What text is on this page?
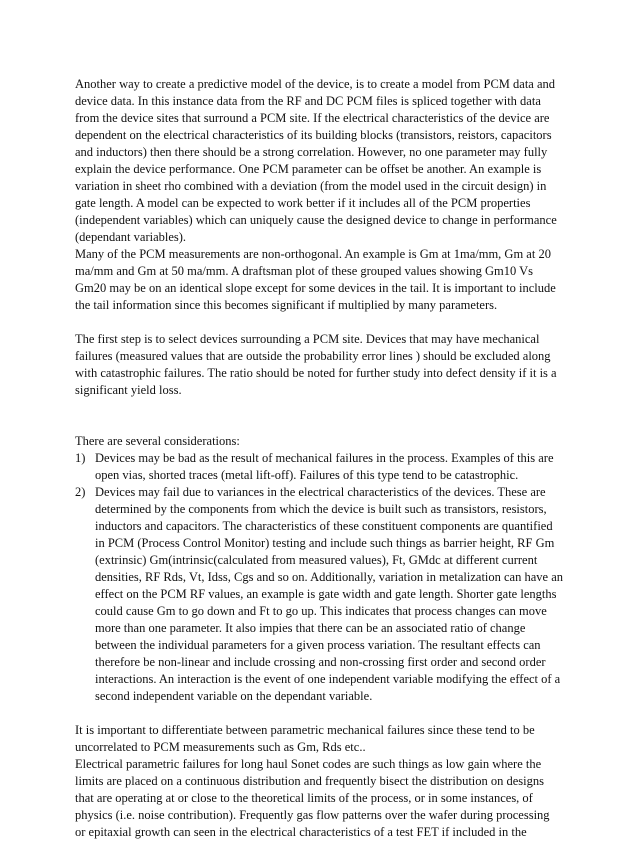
Another way to create a predictive model of the device, is to create a model from PCM data and device data. In this instance data from the RF and DC PCM files is spliced together with data from the device sites that surround a PCM site. If the electrical characteristics of the device are dependent on the electrical characteristics of its building blocks (transistors, reistors, capacitors and inductors) then there should be a strong correlation. However, no one parameter may fully explain the device performance. One PCM parameter can be offset be another. An example is variation in sheet rho combined with a deviation (from the model used in the circuit design) in gate length. A model can be expected to work better if it includes all of the PCM properties (independent variables) which can uniquely cause the designed device to change in performance (dependant variables).

Many of the PCM measurements are non-orthogonal. An example is Gm at 1ma/mm, Gm at 20 ma/mm and Gm at 50 ma/mm. A draftsman plot of these grouped values showing Gm10 Vs Gm20 may be on an identical slope except for some devices in the tail. It is important to include the tail information since this becomes significant if multiplied by many parameters.

The first step is to select devices surrounding a PCM site. Devices that may have mechanical failures (measured values that are outside the probability error lines ) should be excluded along with catastrophic failures. The ratio should be noted for further study into defect density if it is a significant yield loss.

There are several considerations:

1) Devices may be bad as the result of mechanical failures in the process. Examples of this are open vias, shorted traces (metal lift-off). Failures of this type tend to be catastrophic.
2) Devices may fail due to variances in the electrical characteristics of the devices. These are determined by the components from which the device is built such as transistors, resistors, inductors and capacitors. The characteristics of these constituent components are quantified in PCM (Process Control Monitor) testing and include such things as barrier height, RF Gm (extrinsic) Gm(intrinsic(calculated from measured values), Ft, GMdc at different current densities, RF Rds, Vt, Idss, Cgs and so on. Additionally, variation in metalization can have an effect on the PCM RF values, an example is gate width and gate length. Shorter gate lengths could cause Gm to go down and Ft to go up. This indicates that process changes can move more than one parameter. It also impies that there can be an associated ratio of change between the individual parameters for a given process variation. The resultant effects can therefore be non-linear and include crossing and non-crossing first order and second order interactions. An interaction is the event of one independent variable modifying the effect of a second independent variable on the dependant variable.

It is important to differentiate between parametric mechanical failures since these tend to be uncorrelated to PCM measurements such as Gm, Rds etc..

Electrical parametric failures for long haul Sonet codes are such things as low gain where the limits are placed on a continuous distribution and frequently bisect the distribution on designs that are operating at or close to the theoretical limits of the process, or in some instances, of physics (i.e. noise contribution). Frequently gas flow patterns over the wafer during processing or epitaxial growth can seen in the electrical characteristics of a test FET if included in the
